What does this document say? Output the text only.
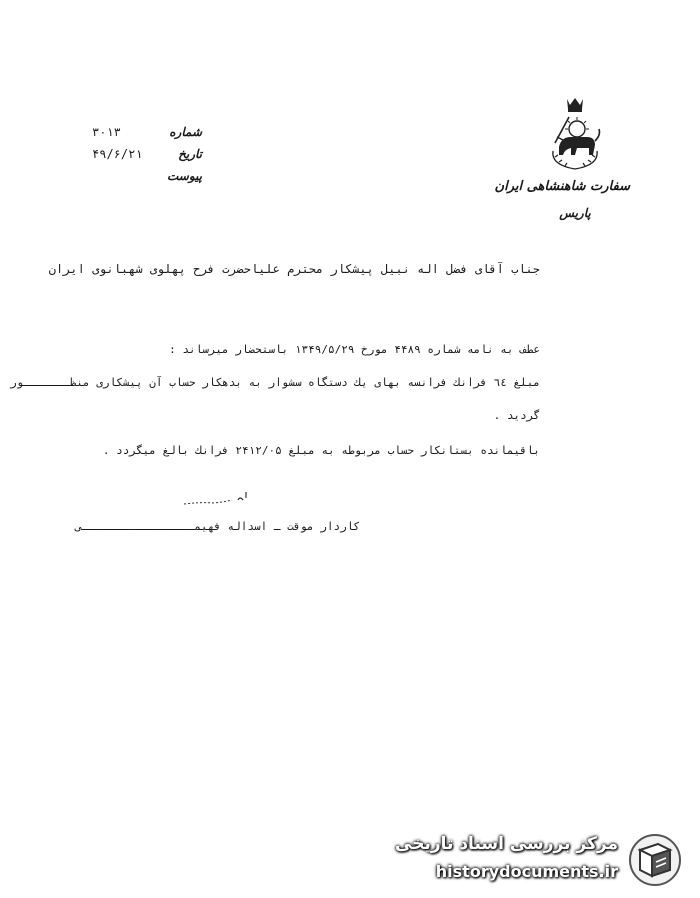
سفارت شاهنشاهی ایران
پاریس
شماره
۳۰۱۳
تاریخ
۴۹/۶/۲۱
پیوست
جناب آقای فضل اله نبیل پیشکار محترم علیاحضرت فرح پهلوی شهبانوی ایران
عطف به نامه شماره ۴۴۸۹ مورخ ۱۳۴۹/۵/۲۹ باستحضار میرساند :
مبلغ ٦٤ فرانك فرانسه بهای یك دستگاه سشوار به بدهکار حساب آن پیشکاری منظـــــــور
گردید .
باقیمانده بستانکار حساب مربوطه به مبلغ ۲۴۱۲/۰۵ فرانك بالغ میگردد .
کاردار موقت ـ اسداله فهیمـــــــــــــــــی
مرکز بررسی اسناد تاریخی
historydocuments.ir
